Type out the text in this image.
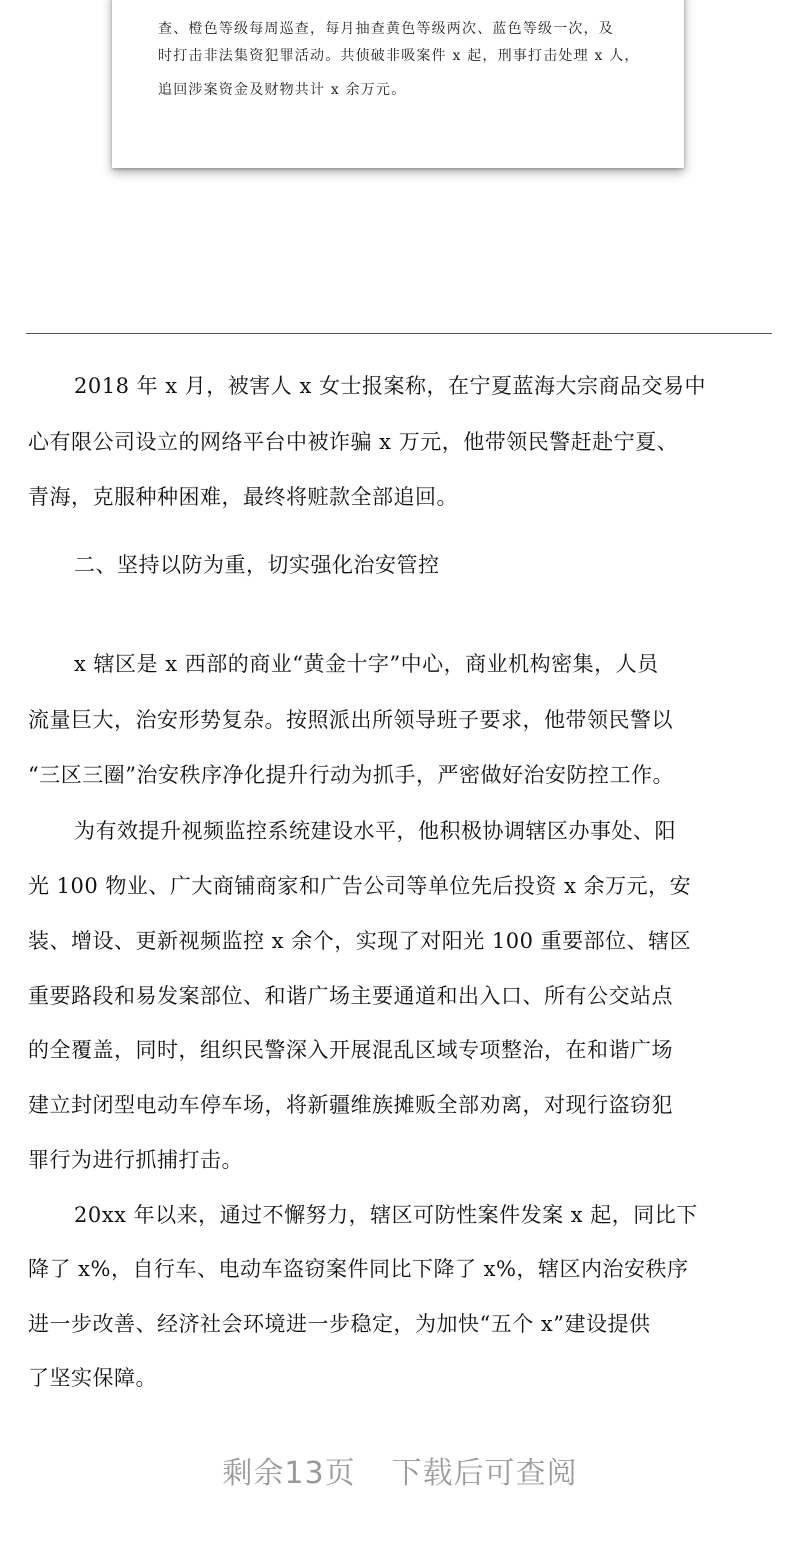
查、橙色等级每周巡查，每月抽查黄色等级两次、蓝色等级一次，及
时打击非法集资犯罪活动。共侦破非吸案件 x 起，刑事打击处理 x 人，
追回涉案资金及财物共计 x 余万元。
2018 年 x 月，被害人 x 女士报案称，在宁夏蓝海大宗商品交易中
心有限公司设立的网络平台中被诈骗 x 万元，他带领民警赶赴宁夏、
青海，克服种种困难，最终将赃款全部追回。
二、坚持以防为重，切实强化治安管控
x 辖区是 x 西部的商业“黄金十字”中心，商业机构密集，人员
流量巨大，治安形势复杂。按照派出所领导班子要求，他带领民警以
“三区三圈”治安秩序净化提升行动为抓手，严密做好治安防控工作。
为有效提升视频监控系统建设水平，他积极协调辖区办事处、阳
光 100 物业、广大商铺商家和广告公司等单位先后投资 x 余万元，安
装、增设、更新视频监控 x 余个，实现了对阳光 100 重要部位、辖区
重要路段和易发案部位、和谐广场主要通道和出入口、所有公交站点
的全覆盖，同时，组织民警深入开展混乱区域专项整治，在和谐广场
建立封闭型电动车停车场，将新疆维族摊贩全部劝离，对现行盗窃犯
罪行为进行抓捕打击。
20xx 年以来，通过不懈努力，辖区可防性案件发案 x 起，同比下
降了 x%，自行车、电动车盗窃案件同比下降了 x%，辖区内治安秩序
进一步改善、经济社会环境进一步稳定，为加快“五个 x”建设提供
了坚实保障。
剩余13页 下载后可查阅
